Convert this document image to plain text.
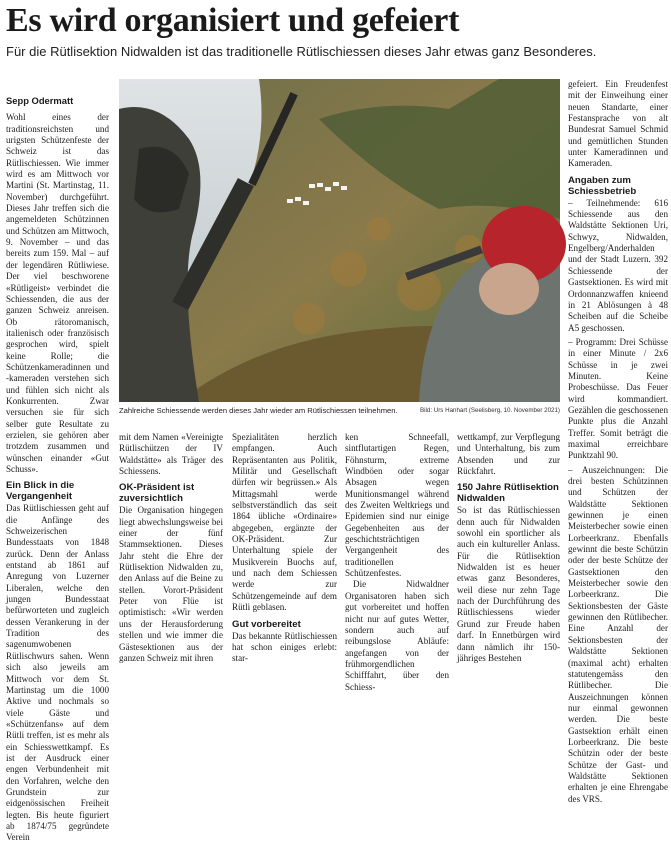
Es wird organisiert und gefeiert
Für die Rütlisektion Nidwalden ist das traditionelle Rütlischiessen dieses Jahr etwas ganz Besonderes.
Sepp Odermatt

Wohl eines der traditionsreichsten und urigsten Schützenfeste der Schweiz ist das Rütlischiessen. Wie immer wird es am Mittwoch vor Martini (St. Martinstag, 11. November) durchgeführt. Dieses Jahr treffen sich die angemeldeten Schützinnen und Schützen am Mittwoch, 9. November – und das bereits zum 159. Mal – auf der legendären Rütliwiese. Der viel beschworene «Rütligeist» verbindet die Schiessenden, die aus der ganzen Schweiz anreisen. Ob rätoromanisch, italienisch oder französisch gesprochen wird, spielt keine Rolle; die Schützenkameradinnen und -kameraden verstehen sich und fühlen sich nicht als Konkurrenten. Zwar versuchen sie für sich selber gute Resultate zu erzielen, sie gehören aber trotzdem zusammen und wünschen einander «Gut Schuss».

Ein Blick in die Vergangenheit

Das Rütlischiessen geht auf die Anfänge des Schweizerischen Bundesstaats von 1848 zurück. Denn der Anlass entstand ab 1861 auf Anregung von Luzerner Liberalen, welche den jungen Bundesstaat befürworteten und zugleich dessen Verankerung in der Tradition des sagenumwobenen Rütlischwurs sahen. Wenn sich also jeweils am Mittwoch vor dem St. Martinstag um die 1000 Aktive und nochmals so viele Gäste und «Schützenfans» auf dem Rütli treffen, ist es mehr als ein Schiesswettkampf. Es ist der Ausdruck einer engen Verbundenheit mit den Vorfahren, welche den Grundstein zur eidgenössischen Freiheit legten. Bis heute figuriert ab 1874/75 gegründete Verein

Zahlreiche Schiessende werden dieses Jahr wieder am Rütlischiessen teilnehmen.	Bild: Urs Hanhart (Seelisberg, 10. November 2021)

mit dem Namen «Vereinigte Rütlischützen der IV Waldstätte» als Träger des Schiessens.

OK-Präsident ist zuversichtlich

Die Organisation hingegen liegt abwechslungsweise bei einer der fünf Stammsektionen. Dieses Jahr steht die Ehre der Rütlisektion Nidwalden zu, den Anlass auf die Beine zu stellen. Vorort-Präsident Peter von Flüe ist optimistisch: «Wir werden uns der Herausforderung stellen und wie immer die Gästesektionen aus der ganzen Schweiz mit ihren

Spezialitäten herzlich empfangen. Auch Repräsentanten aus Politik, Militär und Gesellschaft dürfen wir begrüssen.» Als Mittagsmahl werde selbstverständlich das seit 1864 übliche «Ordinaire» abgegeben, ergänzte der OK-Präsident. Zur Unterhaltung spiele der Musikverein Buochs auf, und nach dem Schiessen werde zur Schützengemeinde auf dem Rütli geblasen.

Gut vorbereitet

Das bekannte Rütlischiessen hat schon einiges erlebt: star-

ken Schneefall, sintflutartigen Regen, Föhnsturm, extreme Windböen oder sogar Absagen wegen Munitionsmangel während des Zweiten Weltkriegs und Epidemien sind nur einige Gegebenheiten aus der geschichtsträchtigen Vergangenheit des traditionellen Schützenfestes.

Die Nidwaldner Organisatoren haben sich gut vorbereitet und hoffen nicht nur auf gutes Wetter, sondern auch auf reibungslose Abläufe: angefangen von der frühmorgendlichen Schifffahrt, über den Schiess-

wettkampf, zur Verpflegung und Unterhaltung, bis zum Absenden und zur Rückfahrt.

150 Jahre Rütlisektion Nidwalden

So ist das Rütlischiessen denn auch für Nidwalden sowohl ein sportlicher als auch ein kultureller Anlass. Für die Rütlisektion Nidwalden ist es heuer etwas ganz Besonderes, weil diese nur zehn Tage nach der Durchführung des Rütlischiessens wieder Grund zur Freude haben darf. In Ennetbürgen wird dann nämlich ihr 150-jähriges Bestehen

gefeiert. Ein Freudenfest mit der Einweihung einer neuen Standarte, einer Festansprache von alt Bundesrat Samuel Schmid und gemütlichen Stunden unter Kameradinnen und Kameraden.

Angaben zum Schiessbetrieb

– Teilnehmende: 616 Schiessende aus den Waldstätte Sektionen Uri, Schwyz, Nidwalden, Engelberg/Anderhalden und der Stadt Luzern. 392 Schiessende der Gastsektionen. Es wird mit Ordonnanzwaffen knieend in 21 Ablösungen à 48 Scheiben auf die Scheibe A5 geschossen.

– Programm: Drei Schüsse in einer Minute / 2x6 Schüsse in je zwei Minuten. Keine Probeschüsse. Das Feuer wird kommandiert. Gezählen die geschossenen Punkte plus die Anzahl Treffer. Somit beträgt die maximal erreichbare Punktzahl 90.

– Auszeichnungen: Die drei besten Schützinnen und Schützen der Waldstätte Sektionen gewinnen je einen Meisterbecher sowie einen Lorbeerkranz. Ebenfalls gewinnt die beste Schützin oder der beste Schütze der Gastsektionen den Meisterbecher sowie den Lorbeerkranz. Die Sektionsbesten der Gäste gewinnen den Rütlibecher. Eine Anzahl der Sektionsbesten der Waldstätte Sektionen (maximal acht) erhalten statutengemäss den Rütlibecher. Die Auszeichnungen können nur einmal gewonnen werden. Die beste Gastsektion erhält einen Lorbeerkranz. Die beste Schützin oder der beste Schütze der Gast- und Waldstätte Sektionen erhalten je eine Ehrengabe des VRS.
